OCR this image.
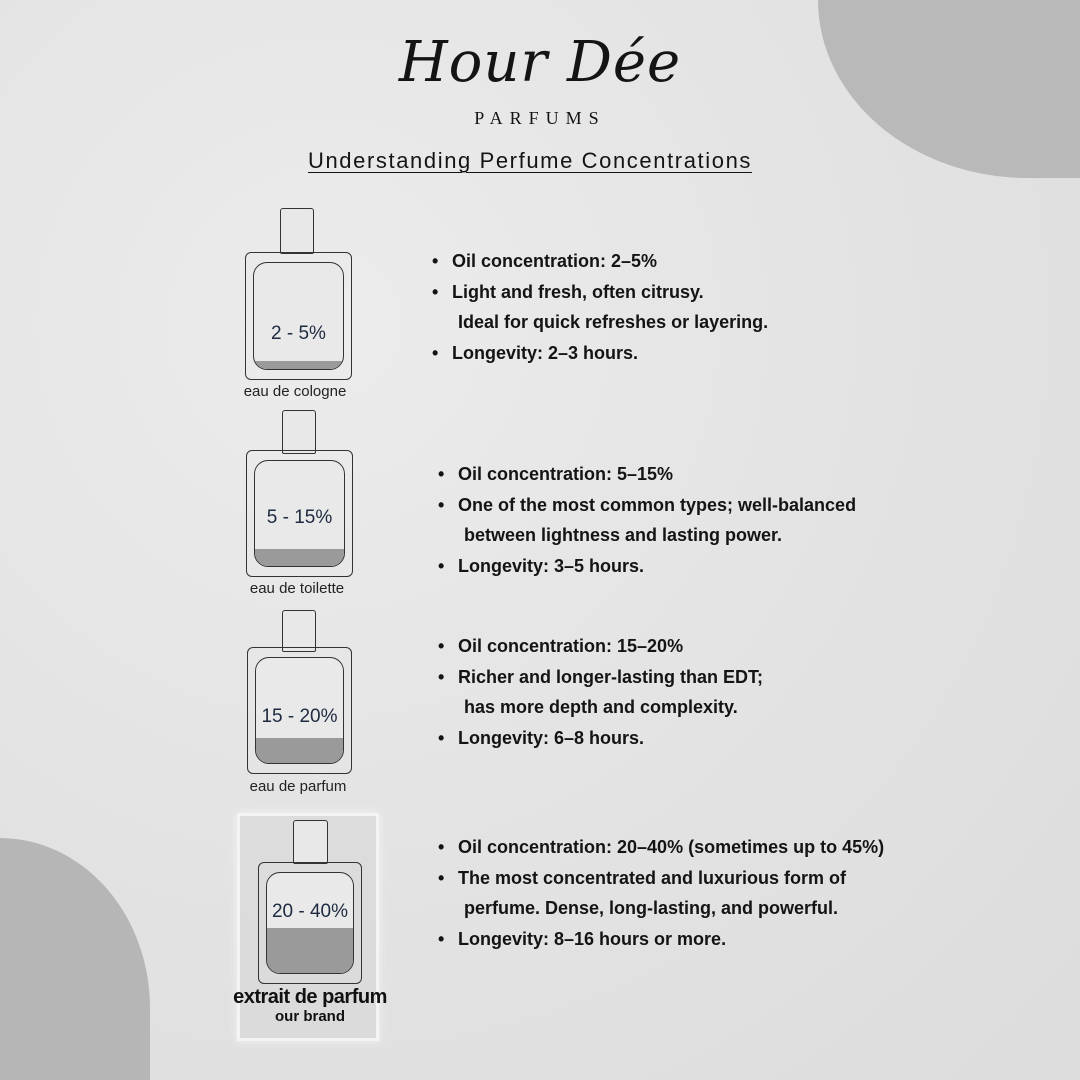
Hour Dée
PARFUMS
Understanding Perfume Concentrations
2 - 5%
eau de cologne
• Oil concentration: 2–5%
• Light and fresh, often citrusy.
Ideal for quick refreshes or layering.
• Longevity: 2–3 hours.
5 - 15%
eau de toilette
• Oil concentration: 5–15%
• One of the most common types; well-balanced
between lightness and lasting power.
• Longevity: 3–5 hours.
15 - 20%
eau de parfum
• Oil concentration: 15–20%
• Richer and longer-lasting than EDT;
has more depth and complexity.
• Longevity: 6–8 hours.
20 - 40%
extrait de parfum
our brand
• Oil concentration: 20–40% (sometimes up to 45%)
• The most concentrated and luxurious form of
perfume. Dense, long-lasting, and powerful.
• Longevity: 8–16 hours or more.
